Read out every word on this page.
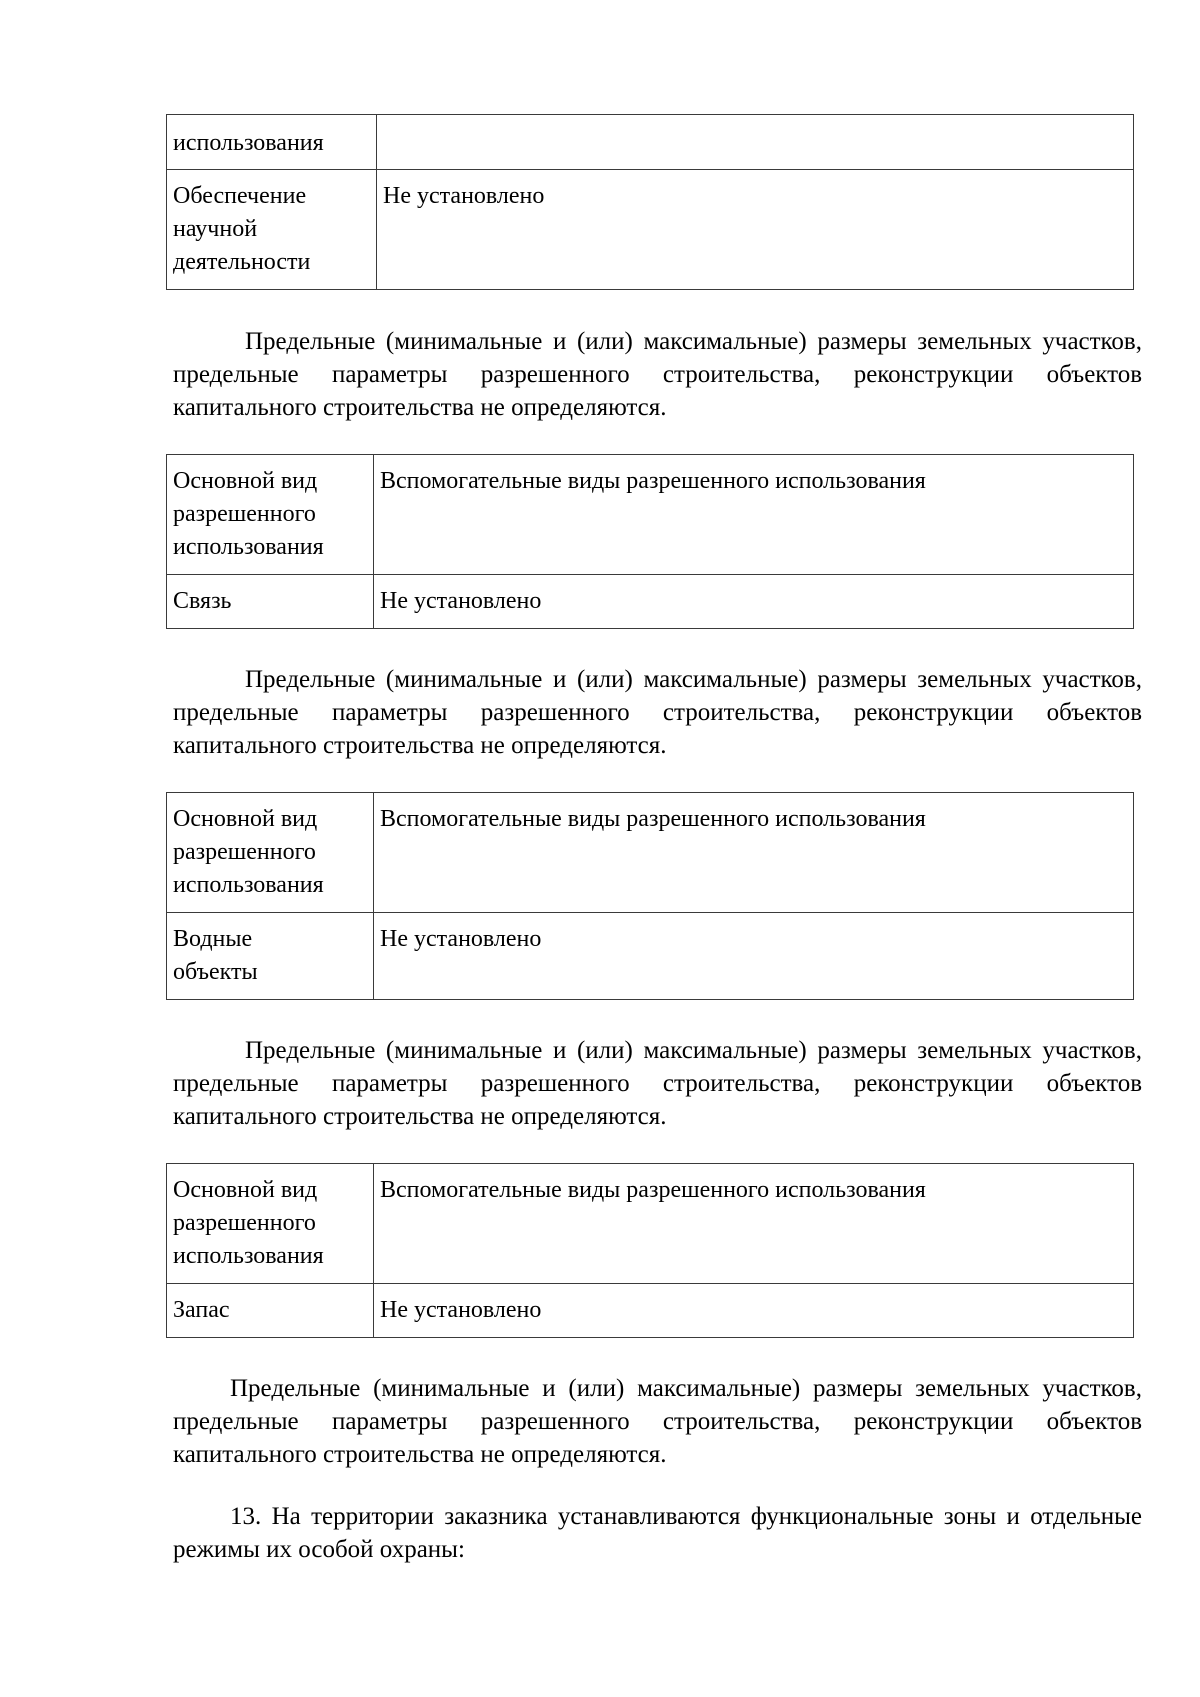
использования	
Обеспечение
научной
деятельности	Не установлено

Предельные (минимальные и (или) максимальные) размеры земельных участков, предельные параметры разрешенного строительства, реконструкции объектов капитального строительства не определяются.

Основной вид
разрешенного
использования	Вспомогательные виды разрешенного использования
Связь	Не установлено

Предельные (минимальные и (или) максимальные) размеры земельных участков, предельные параметры разрешенного строительства, реконструкции объектов капитального строительства не определяются.

Основной вид
разрешенного
использования	Вспомогательные виды разрешенного использования
Водные
объекты	Не установлено

Предельные (минимальные и (или) максимальные) размеры земельных участков, предельные параметры разрешенного строительства, реконструкции объектов капитального строительства не определяются.

Основной вид
разрешенного
использования	Вспомогательные виды разрешенного использования
Запас	Не установлено

Предельные (минимальные и (или) максимальные) размеры земельных участков, предельные параметры разрешенного строительства, реконструкции объектов капитального строительства не определяются.

13. На территории заказника устанавливаются функциональные зоны и отдельные режимы их особой охраны:
